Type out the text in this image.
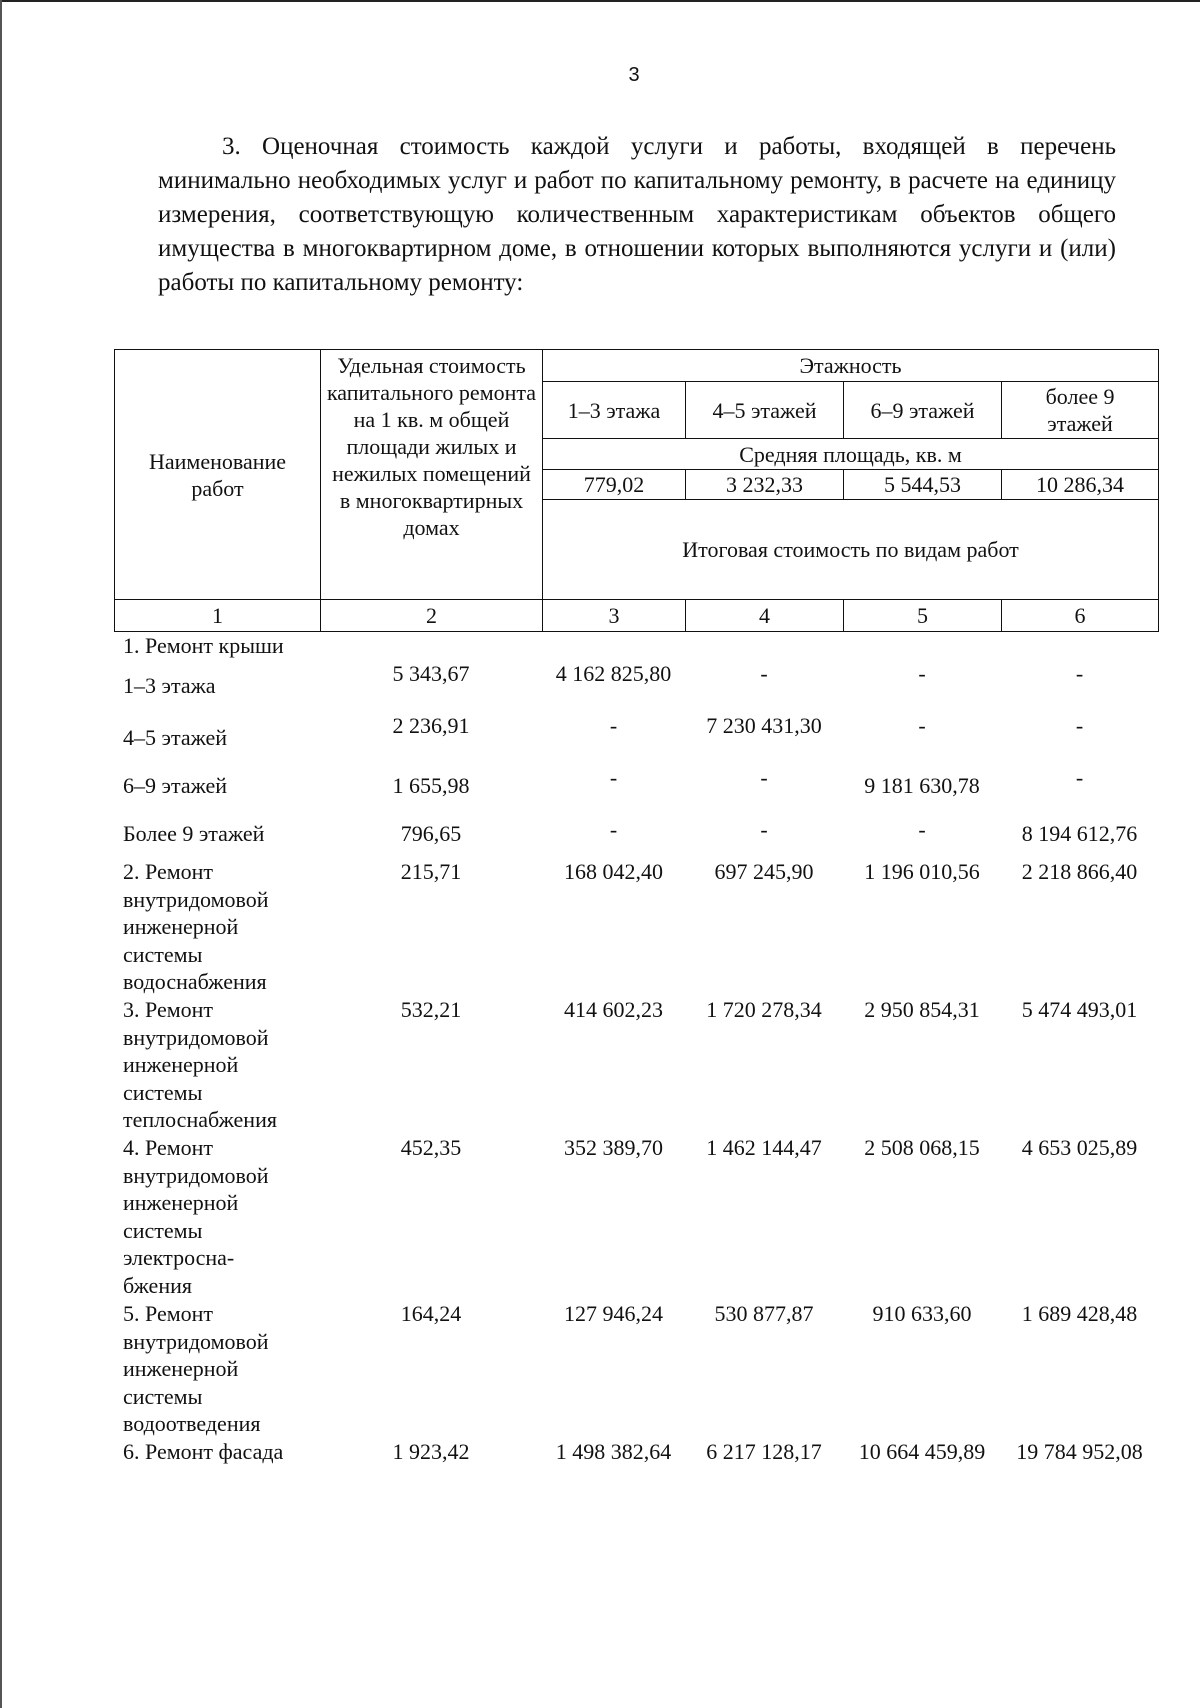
3
3. Оценочная стоимость каждой услуги и работы, входящей в перечень минимально необходимых услуг и работ по капитальному ремонту, в расчете на единицу измерения, соответствующую количественным характеристикам объектов общего имущества в многоквартирном доме, в отношении которых выполняются услуги и (или) работы по капитальному ремонту:
Наименование работ	Удельная стоимость капитального ремонта на 1 кв. м общей площади жилых и нежилых помещений в многоквартирных домах	Этажность			
		1–3 этажа	4–5 этажей	6–9 этажей	более 9 этажей
		Средняя площадь, кв. м			
		779,02	3 232,33	5 544,53	10 286,34
		Итоговая стоимость по видам работ			
1	2	3	4	5	6
1. Ремонт крыши					
1–3 этажа	5 343,67	4 162 825,80	-	-	-
4–5 этажей	2 236,91	-	7 230 431,30	-	-
6–9 этажей	1 655,98	-	-	9 181 630,78	-
Более 9 этажей	796,65	-	-	-	8 194 612,76
2. Ремонт внутридомовой инженерной системы водоснабжения	215,71	168 042,40	697 245,90	1 196 010,56	2 218 866,40
3. Ремонт внутридомовой инженерной системы теплоснабжения	532,21	414 602,23	1 720 278,34	2 950 854,31	5 474 493,01
4. Ремонт внутридомовой инженерной системы электросна-бжения	452,35	352 389,70	1 462 144,47	2 508 068,15	4 653 025,89
5. Ремонт внутридомовой инженерной системы водоотведения	164,24	127 946,24	530 877,87	910 633,60	1 689 428,48
6. Ремонт фасада	1 923,42	1 498 382,64	6 217 128,17	10 664 459,89	19 784 952,08
